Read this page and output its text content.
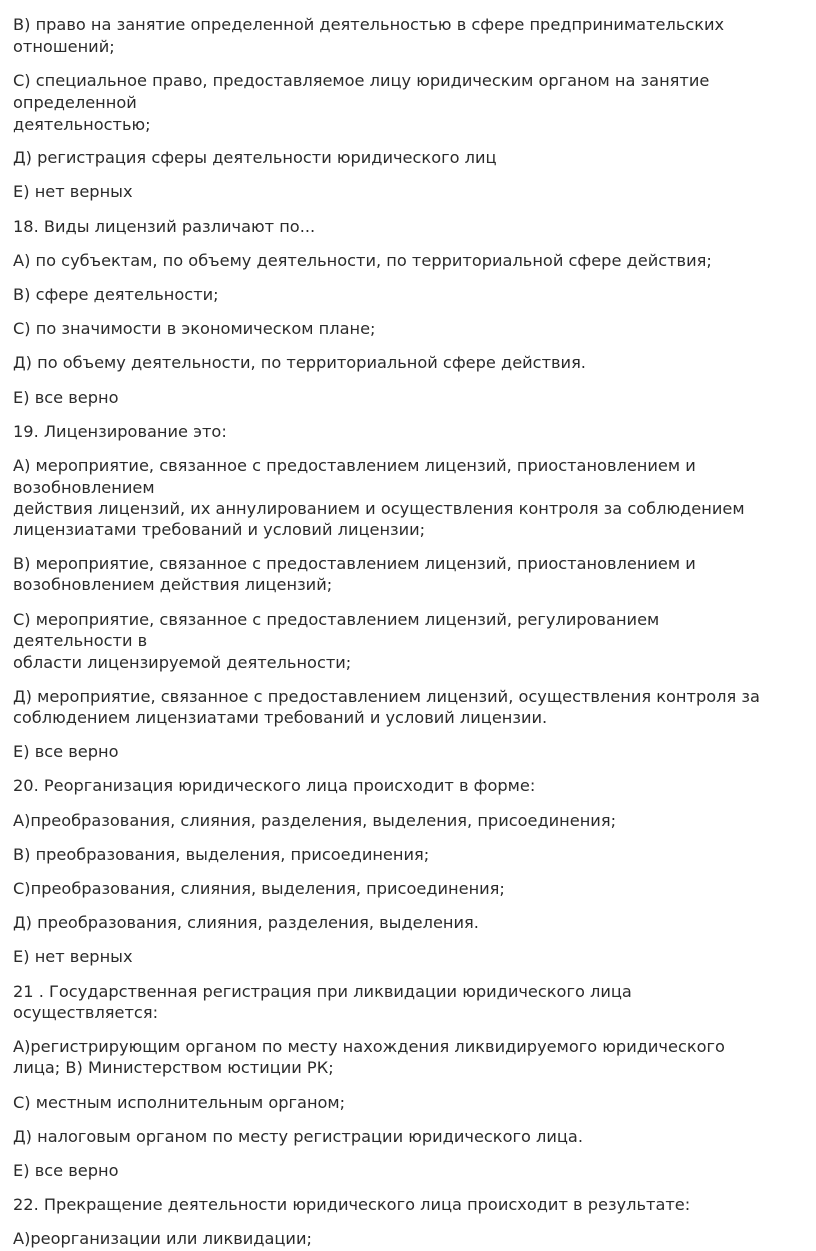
В) право на занятие определенной деятельностью в сфере предпринимательских
отношений;
С) специальное право, предоставляемое лицу юридическим органом на занятие
определенной
деятельностью;
Д) регистрация сферы деятельности юридического лиц
Е) нет верных
18. Виды лицензий различают по...
А) по субъектам, по объему деятельности, по территориальной сфере действия;
В) сфере деятельности;
С) по значимости в экономическом плане;
Д) по объему деятельности, по территориальной сфере действия.
Е) все верно
19. Лицензирование это:
А) мероприятие, связанное с предоставлением лицензий, приостановлением и
возобновлением
действия лицензий, их аннулированием и осуществления контроля за соблюдением
лицензиатами требований и условий лицензии;
В) мероприятие, связанное с предоставлением лицензий, приостановлением и
возобновлением действия лицензий;
С) мероприятие, связанное с предоставлением лицензий, регулированием
деятельности в
области лицензируемой деятельности;
Д) мероприятие, связанное с предоставлением лицензий, осуществления контроля за
соблюдением лицензиатами требований и условий лицензии.
Е) все верно
20. Реорганизация юридического лица происходит в форме:
А)преобразования, слияния, разделения, выделения, присоединения;
В) преобразования, выделения, присоединения;
С)преобразования, слияния, выделения, присоединения;
Д) преобразования, слияния, разделения, выделения.
Е) нет верных
21 . Государственная регистрация при ликвидации юридического лица
осуществляется:
А)регистрирующим органом по месту нахождения ликвидируемого юридического
лица; В) Министерством юстиции РК;
С) местным исполнительным органом;
Д) налоговым органом по месту регистрации юридического лица.
Е) все верно
22. Прекращение деятельности юридического лица происходит в результате:
А)реорганизации или ликвидации;
